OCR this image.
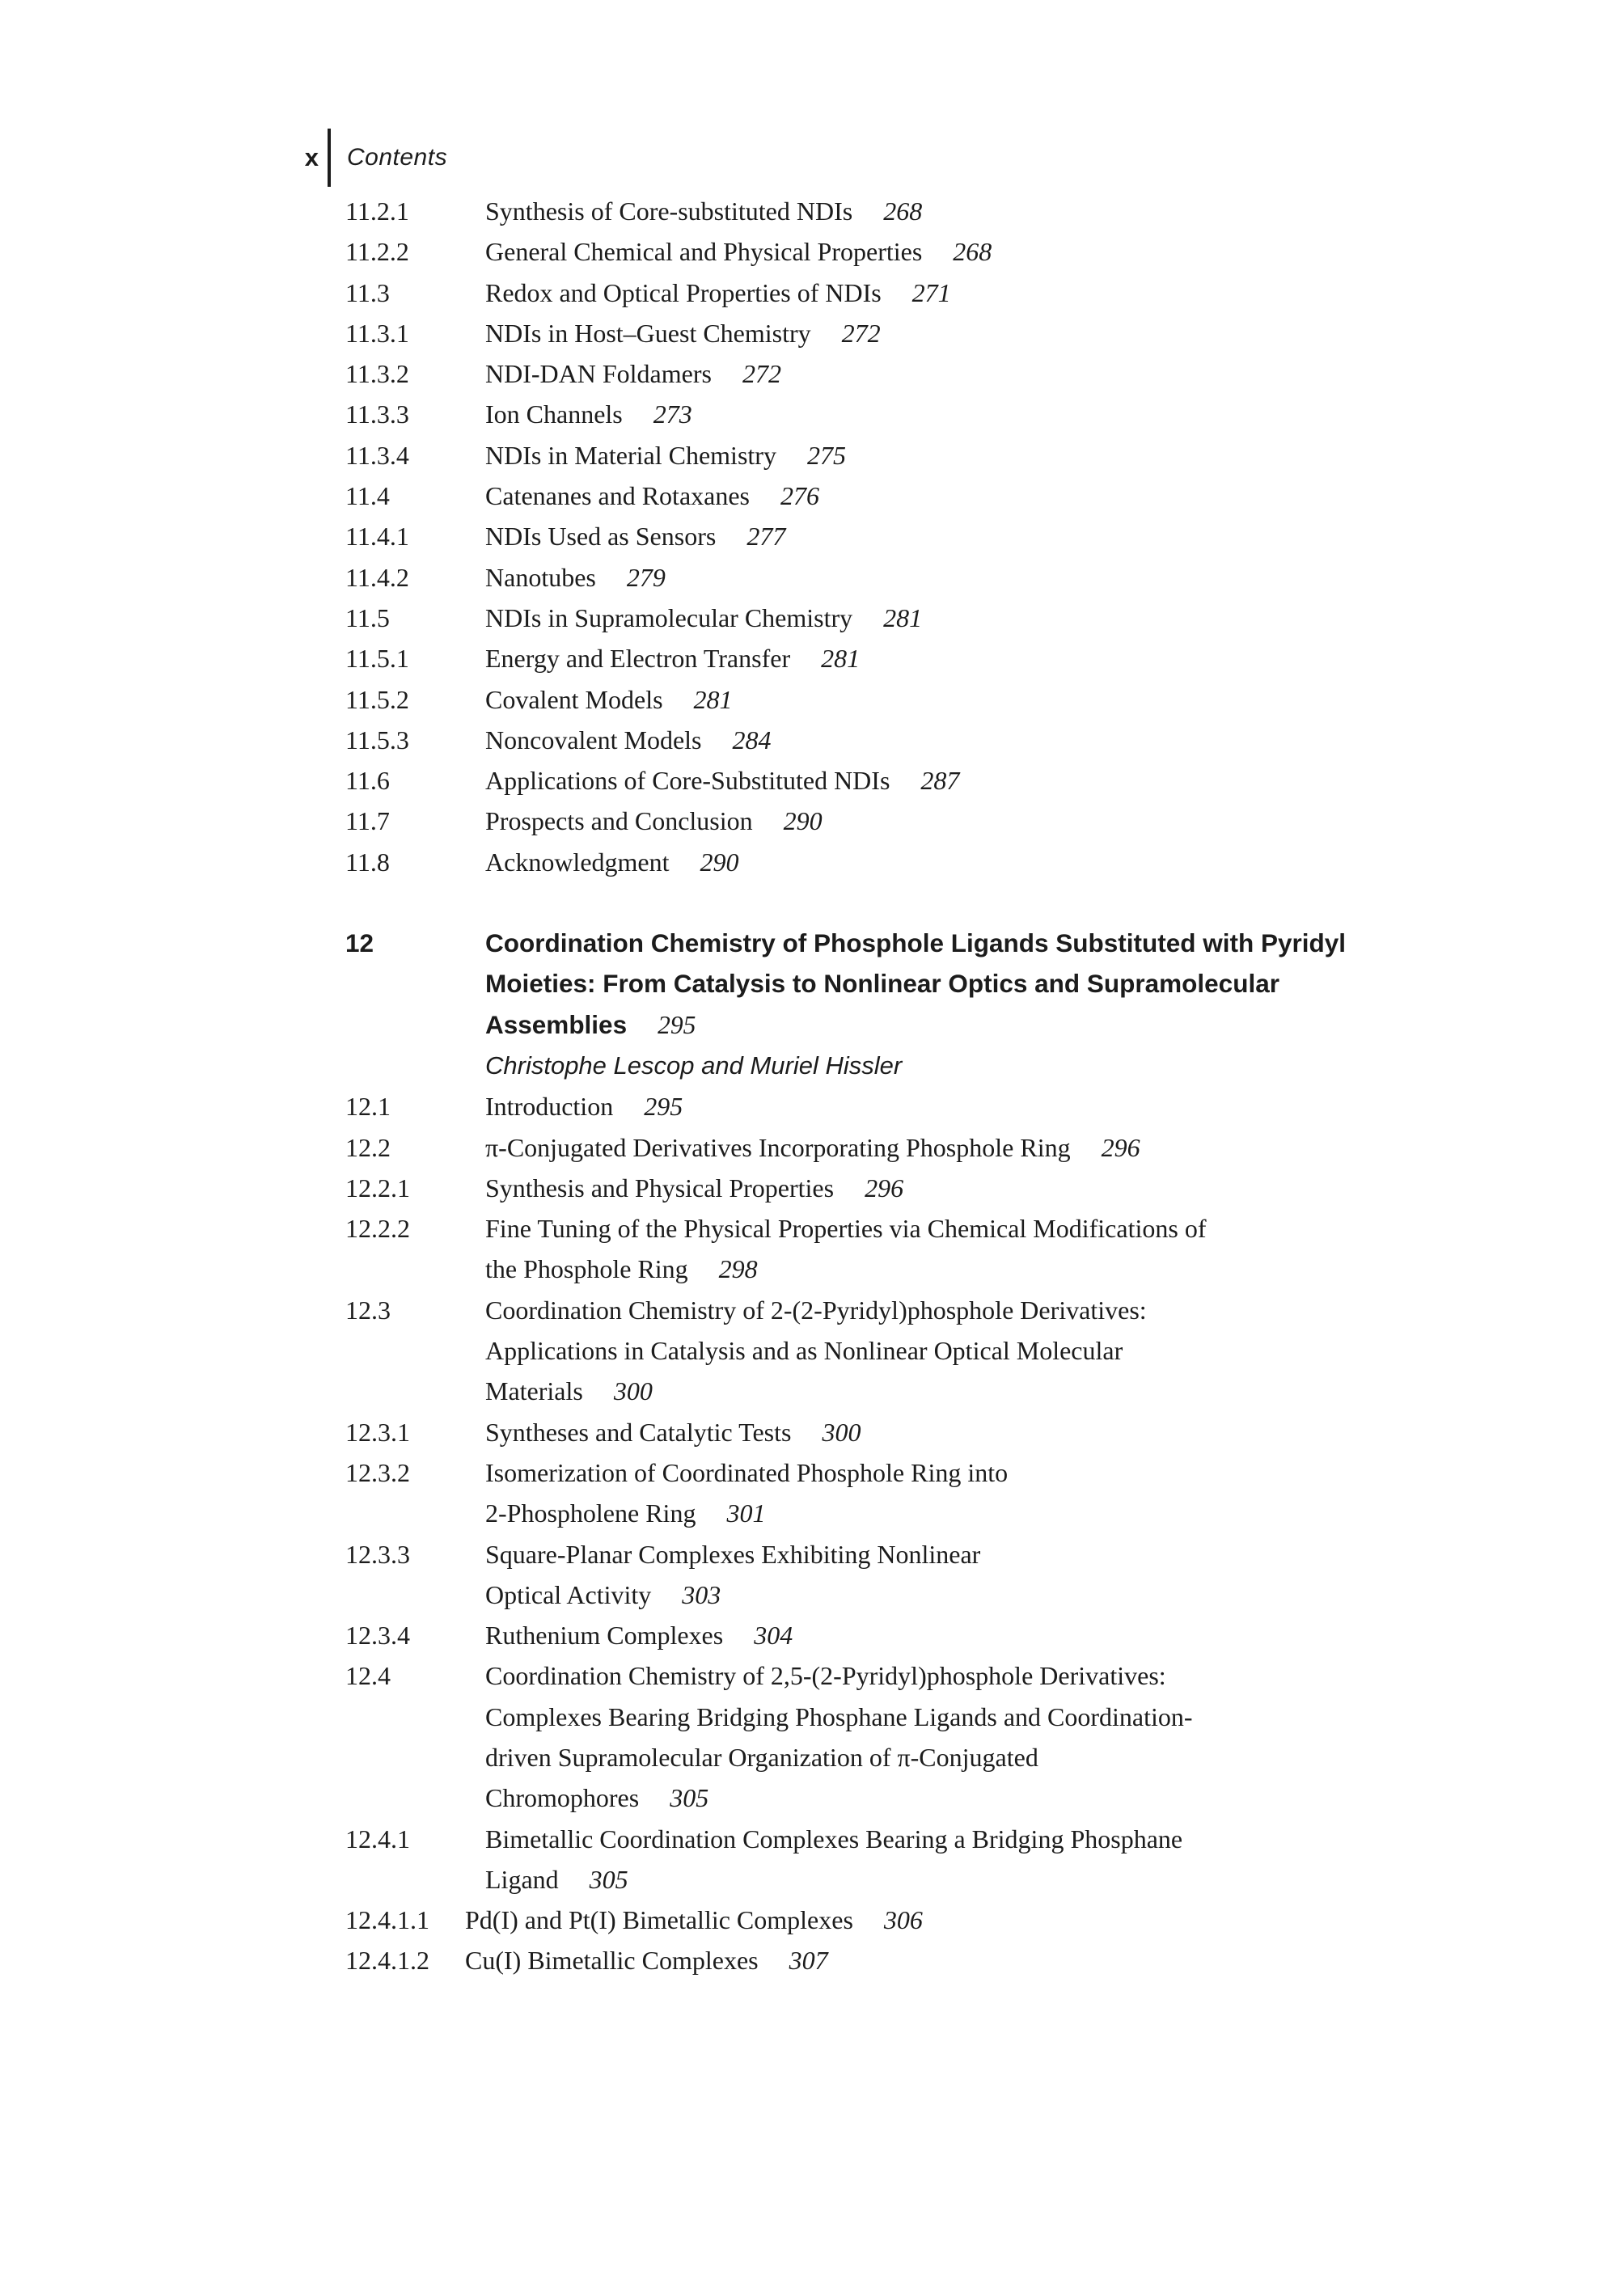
x Contents
11.2.1	Synthesis of Core-substituted NDIs 268
11.2.2	General Chemical and Physical Properties 268
11.3	Redox and Optical Properties of NDIs 271
11.3.1	NDIs in Host–Guest Chemistry 272
11.3.2	NDI-DAN Foldamers 272
11.3.3	Ion Channels 273
11.3.4	NDIs in Material Chemistry 275
11.4	Catenanes and Rotaxanes 276
11.4.1	NDIs Used as Sensors 277
11.4.2	Nanotubes 279
11.5	NDIs in Supramolecular Chemistry 281
11.5.1	Energy and Electron Transfer 281
11.5.2	Covalent Models 281
11.5.3	Noncovalent Models 284
11.6	Applications of Core-Substituted NDIs 287
11.7	Prospects and Conclusion 290
11.8	Acknowledgment 290
12	Coordination Chemistry of Phosphole Ligands Substituted with Pyridyl
Moieties: From Catalysis to Nonlinear Optics and Supramolecular
Assemblies 295
Christophe Lescop and Muriel Hissler
12.1	Introduction 295
12.2	π-Conjugated Derivatives Incorporating Phosphole Ring 296
12.2.1	Synthesis and Physical Properties 296
12.2.2	Fine Tuning of the Physical Properties via Chemical Modifications of
the Phosphole Ring 298
12.3	Coordination Chemistry of 2-(2-Pyridyl)phosphole Derivatives:
Applications in Catalysis and as Nonlinear Optical Molecular
Materials 300
12.3.1	Syntheses and Catalytic Tests 300
12.3.2	Isomerization of Coordinated Phosphole Ring into
2-Phospholene Ring 301
12.3.3	Square-Planar Complexes Exhibiting Nonlinear
Optical Activity 303
12.3.4	Ruthenium Complexes 304
12.4	Coordination Chemistry of 2,5-(2-Pyridyl)phosphole Derivatives:
Complexes Bearing Bridging Phosphane Ligands and Coordination-
driven Supramolecular Organization of π-Conjugated
Chromophores 305
12.4.1	Bimetallic Coordination Complexes Bearing a Bridging Phosphane
Ligand 305
12.4.1.1	Pd(I) and Pt(I) Bimetallic Complexes 306
12.4.1.2	Cu(I) Bimetallic Complexes 307
